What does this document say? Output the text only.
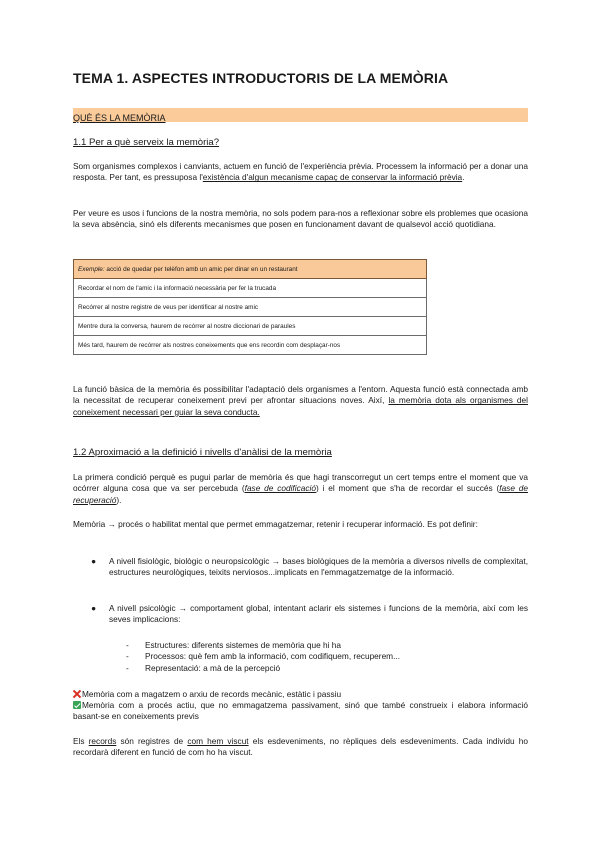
TEMA 1. ASPECTES INTRODUCTORIS DE LA MEMÒRIA
QUÈ ÉS LA MEMÒRIA
1.1 Per a què serveix la memòria?
Som organismes complexos i canviants, actuem en funció de l'experiència prèvia. Processem la informació per a donar una resposta. Per tant, es pressuposa l'existència d'algun mecanisme capaç de conservar la informació prèvia.
Per veure es usos i funcions de la nostra memòria, no sols podem para-nos a reflexionar sobre els problemes que ocasiona la seva absència, sinó els diferents mecanismes que posen en funcionament davant de qualsevol acció quotidiana.
Exemple: acció de quedar per telèfon amb un amic per dinar en un restaurant
Recordar el nom de l'amic i la informació necessària per fer la trucada
Recórrer al nostre registre de veus per identificar al nostre amic
Mentre dura la conversa, haurem de recórrer al nostre diccionari de paraules
Més tard, haurem de recórrer als nostres coneixements que ens recordin com desplaçar-nos
La funció bàsica de la memòria és possibilitar l'adaptació dels organismes a l'entorn. Aquesta funció està connectada amb la necessitat de recuperar coneixement previ per afrontar situacions noves. Així, la memòria dota als organismes del coneixement necessari per guiar la seva conducta.
1.2 Aproximació a la definició i nivells d'anàlisi de la memòria
La primera condició perquè es pugui parlar de memòria és que hagi transcorregut un cert temps entre el moment que va ocórrer alguna cosa que va ser percebuda (fase de codificació) i el moment que s'ha de recordar el succés (fase de recuperació).
Memòria → procés o habilitat mental que permet emmagatzemar, retenir i recuperar informació. Es pot definir:
● A nivell fisiològic, biològic o neuropsicològic → bases biològiques de la memòria a diversos nivells de complexitat, estructures neurològiques, teixits nerviosos...implicats en l'emmagatzematge de la informació.
● A nivell psicològic → comportament global, intentant aclarir els sistemes i funcions de la memòria, així com les seves implicacions:
- Estructures: diferents sistemes de memòria que hi ha
- Processos: què fem amb la informació, com codifiquem, recuperem...
- Representació: a mà de la percepció
Memòria com a magatzem o arxiu de records mecànic, estàtic i passiu
Memòria com a procés actiu, que no emmagatzema passivament, sinó que també construeix i elabora informació basant-se en coneixements previs
Els records són registres de com hem viscut els esdeveniments, no rèpliques dels esdeveniments. Cada individu ho recordarà diferent en funció de com ho ha viscut.
